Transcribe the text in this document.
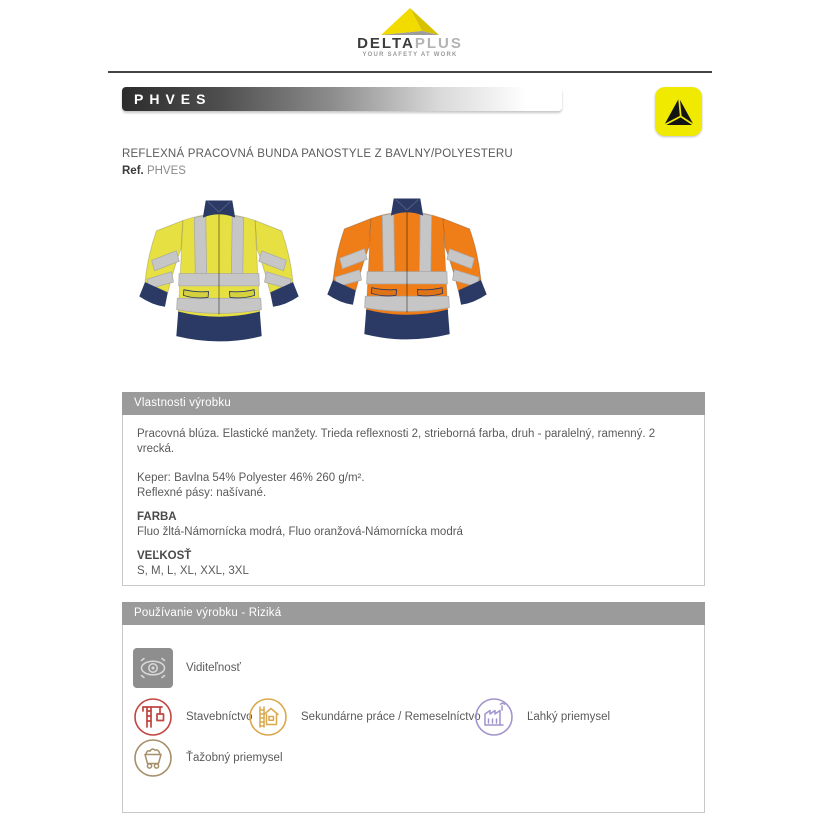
DELTAPLUS
YOUR SAFETY AT WORK
PHVES
REFLEXNÁ PRACOVNÁ BUNDA PANOSTYLE Z BAVLNY/POLYESTERU
Ref. PHVES
Vlastnosti výrobku

Pracovná blúza. Elastické manžety. Trieda reflexnosti 2, strieborná farba, druh - paralelný, ramenný. 2 vrecká.

Keper: Bavlna 54% Polyester 46% 260 g/m².

Reflexné pásy: našívané.

FARBA

Fluo žltá-Námornícka modrá, Fluo oranžová-Námornícka modrá

VEĽKOSŤ

S, M, L, XL, XXL, 3XL

Používanie výrobku - Riziká
Viditeľnosť
Stavebníctvo	Sekundárne práce / Remeselníctvo	Ľahký priemysel
Ťažobný priemysel
